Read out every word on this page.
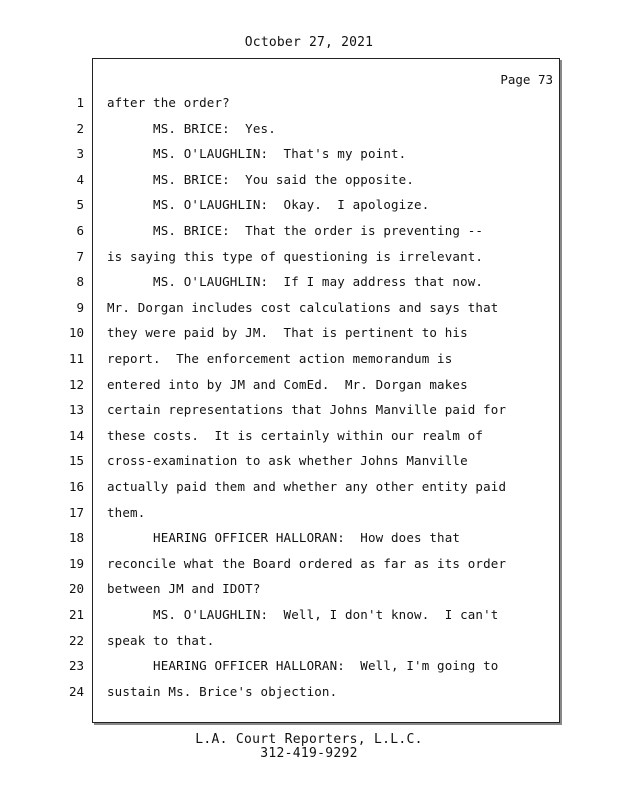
October 27, 2021
Page 73
1 after the order?
2 MS. BRICE:  Yes.
3 MS. O'LAUGHLIN:  That's my point.
4 MS. BRICE:  You said the opposite.
5 MS. O'LAUGHLIN:  Okay.  I apologize.
6 MS. BRICE:  That the order is preventing --
7 is saying this type of questioning is irrelevant.
8 MS. O'LAUGHLIN:  If I may address that now.
9 Mr. Dorgan includes cost calculations and says that
10 they were paid by JM.  That is pertinent to his
11 report.  The enforcement action memorandum is
12 entered into by JM and ComEd.  Mr. Dorgan makes
13 certain representations that Johns Manville paid for
14 these costs.  It is certainly within our realm of
15 cross-examination to ask whether Johns Manville
16 actually paid them and whether any other entity paid
17 them.
18 HEARING OFFICER HALLORAN:  How does that
19 reconcile what the Board ordered as far as its order
20 between JM and IDOT?
21 MS. O'LAUGHLIN:  Well, I don't know.  I can't
22 speak to that.
23 HEARING OFFICER HALLORAN:  Well, I'm going to
24 sustain Ms. Brice's objection.
L.A. Court Reporters, L.L.C.
312-419-9292
